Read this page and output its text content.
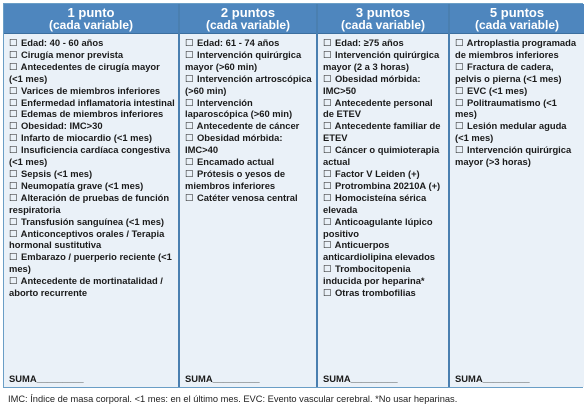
1 punto
(cada variable)
☐ Edad: 40 - 60 años
☐ Cirugía menor prevista
☐ Antecedentes de cirugía mayor (<1 mes)
☐ Varices de miembros inferiores
☐ Enfermedad inflamatoria intestinal
☐ Edemas de miembros inferiores
☐ Obesidad: IMC>30
☐ Infarto de miocardio (<1 mes)
☐ Insuficiencia cardíaca congestiva (<1 mes)
☐ Sepsis (<1 mes)
☐ Neumopatía grave (<1 mes)
☐ Alteración de pruebas de función respiratoria
☐ Transfusión sanguínea (<1 mes)
☐ Anticonceptivos orales / Terapia hormonal sustitutiva
☐ Embarazo / puerperio reciente (<1 mes)
☐ Antecedente de mortinatalidad / aborto recurrente
SUMA_________
2 puntos
(cada variable)
☐ Edad: 61 - 74 años
☐ Intervención quirúrgica mayor (>60 min)
☐ Intervención artroscópica (>60 min)
☐ Intervención laparoscópica (>60 min)
☐ Antecedente de cáncer
☐ Obesidad mórbida: IMC>40
☐ Encamado actual
☐ Prótesis o yesos de miembros inferiores
☐ Catéter venosa central
SUMA_________
3 puntos
(cada variable)
☐ Edad: ≥75 años
☐ Intervención quirúrgica mayor (2 a 3 horas)
☐ Obesidad mórbida: IMC>50
☐ Antecedente personal de ETEV
☐ Antecedente familiar de ETEV
☐ Cáncer o quimioterapia actual
☐ Factor V Leiden (+)
☐ Protrombina 20210A (+)
☐ Homocisteína sérica elevada
☐ Anticoagulante lúpico positivo
☐ Anticuerpos anticardiolipina elevados
☐ Trombocitopenia inducida por heparina*
☐ Otras trombofilias
SUMA_________
5 puntos
(cada variable)
☐ Artroplastia programada de miembros inferiores
☐ Fractura de cadera, pelvis o pierna (<1 mes)
☐ EVC (<1 mes)
☐ Politraumatismo (<1 mes)
☐ Lesión medular aguda (<1 mes)
☐ Intervención quirúrgica mayor (>3 horas)
SUMA_________
IMC: Índice de masa corporal. <1 mes: en el último mes. EVC: Evento vascular cerebral. *No usar heparinas.
